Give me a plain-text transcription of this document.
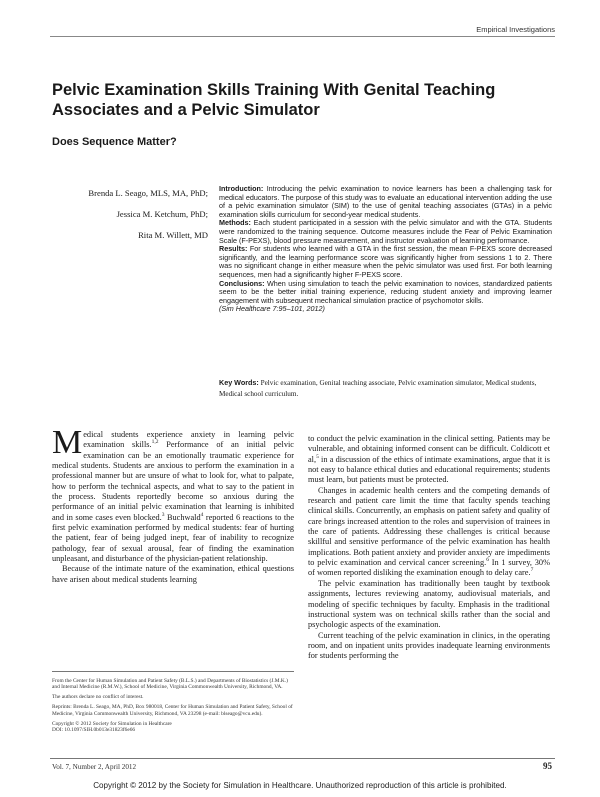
Empirical Investigations
Pelvic Examination Skills Training With Genital Teaching Associates and a Pelvic Simulator
Does Sequence Matter?
Brenda L. Seago, MLS, MA, PhD;
Jessica M. Ketchum, PhD;
Rita M. Willett, MD

Introduction: Introducing the pelvic examination to novice learners has been a challenging task for medical educators. The purpose of this study was to evaluate an educational intervention adding the use of a pelvic examination simulator (SIM) to the use of genital teaching associates (GTAs) in a pelvic examination skills curriculum for second-year medical students.

Methods: Each student participated in a session with the pelvic simulator and with the GTA. Students were randomized to the training sequence. Outcome measures include the Fear of Pelvic Examination Scale (F-PEXS), blood pressure measurement, and instructor evaluation of learning performance.

Results: For students who learned with a GTA in the first session, the mean F-PEXS score decreased significantly, and the learning performance score was significantly higher from sessions 1 to 2. There was no significant change in either measure when the pelvic simulator was used first. For both learning sequences, men had a significantly higher F-PEXS score.

Conclusions: When using simulation to teach the pelvic examination to novices, standardized patients seem to be the better initial training experience, reducing student anxiety and improving learner engagement with subsequent mechanical simulation practice of psychomotor skills.

(Sim Healthcare 7:95–101, 2012)

Key Words: Pelvic examination, Genital teaching associate, Pelvic examination simulator, Medical students, Medical school curriculum.

Medical students experience anxiety in learning pelvic examination skills.$^{1,2}$ Performance of an initial pelvic examination can be an emotionally traumatic experience for medical students. Students are anxious to perform the examination in a professional manner but are unsure of what to look for, what to palpate, how to perform the technical aspects, and what to say to the patient in the process. Students reportedly become so anxious during the performance of an initial pelvic examination that learning is inhibited and in some cases even blocked.$^3$ Buchwald$^4$ reported 6 reactions to the first pelvic examination performed by medical students: fear of hurting the patient, fear of being judged inept, fear of inability to recognize pathology, fear of sexual arousal, fear of finding the examination unpleasant, and disturbance of the physician-patient relationship.

Because of the intimate nature of the examination, ethical questions have arisen about medical students learning

to conduct the pelvic examination in the clinical setting. Patients may be vulnerable, and obtaining informed consent can be difficult. Coldicott et al,$^5$ in a discussion of the ethics of intimate examinations, argue that it is not easy to balance ethical duties and educational requirements; students must learn, but patients must be protected.

Changes in academic health centers and the competing demands of research and patient care limit the time that faculty spends teaching clinical skills. Concurrently, an emphasis on patient safety and quality of care brings increased attention to the roles and supervision of trainees in the care of patients. Addressing these challenges is critical because skillful and sensitive performance of the pelvic examination has health implications. Both patient anxiety and provider anxiety are impediments to pelvic examination and cervical cancer screening.$^6$ In 1 survey, 30% of women reported disliking the examination enough to delay care.$^7$

The pelvic examination has traditionally been taught by textbook assignments, lectures reviewing anatomy, audiovisual materials, and modeling of specific techniques by faculty. Emphasis in the traditional instructional system was on technical skills rather than the social and psychologic aspects of the examination.

Current teaching of the pelvic examination in clinics, in the operating room, and on inpatient units provides inadequate learning environments for students performing the

From the Center for Human Simulation and Patient Safety (B.L.S.) and Departments of Biostatistics (J.M.K.) and Internal Medicine (R.M.W.), School of Medicine, Virginia Commonwealth University, Richmond, VA.

The authors declare no conflict of interest.

Reprints: Brenda L. Seago, MA, PhD, Box 980018, Center for Human Simulation and Patient Safety, School of Medicine, Virginia Commonwealth University, Richmond, VA 23298 (e-mail: blseago@vcu.edu).

Copyright © 2012 Society for Simulation in Healthcare

DOI: 10.1097/SIH.0b013e31823f6e66

Vol. 7, Number 2, April 2012	95
Copyright © 2012 by the Society for Simulation in Healthcare. Unauthorized reproduction of this article is prohibited.
